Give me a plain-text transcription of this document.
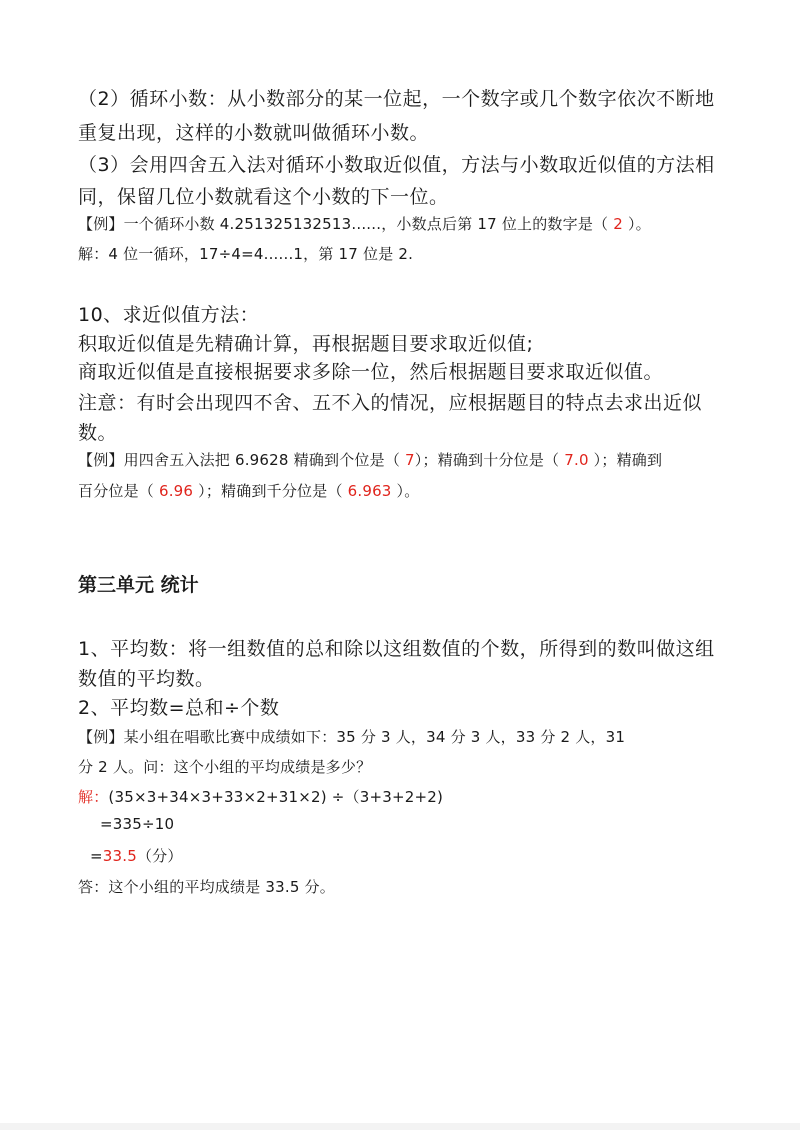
（2）循环小数：从小数部分的某一位起，一个数字或几个数字依次不断地
重复出现，这样的小数就叫做循环小数。
（3）会用四舍五入法对循环小数取近似值，方法与小数取近似值的方法相
同，保留几位小数就看这个小数的下一位。
【例】一个循环小数 4.251325132513......，小数点后第 17 位上的数字是（ 2 ）。
解：4 位一循环，17÷4=4......1，第 17 位是 2.
10、求近似值方法：
积取近似值是先精确计算，再根据题目要求取近似值;
商取近似值是直接根据要求多除一位，然后根据题目要求取近似值。
注意：有时会出现四不舍、五不入的情况，应根据题目的特点去求出近似
数。
【例】用四舍五入法把 6.9628 精确到个位是（ 7）；精确到十分位是（ 7.0 ）；精确到
百分位是（ 6.96 ）；精确到千分位是（ 6.963 ）。
第三单元 统计
1、平均数：将一组数值的总和除以这组数值的个数，所得到的数叫做这组
数值的平均数。
2、平均数=总和÷个数
【例】某小组在唱歌比赛中成绩如下：35 分 3 人，34 分 3 人，33 分 2 人，31
分 2 人。问：这个小组的平均成绩是多少？
解：(35×3+34×3+33×2+31×2) ÷（3+3+2+2)
=335÷10
=33.5（分）
答：这个小组的平均成绩是 33.5 分。
